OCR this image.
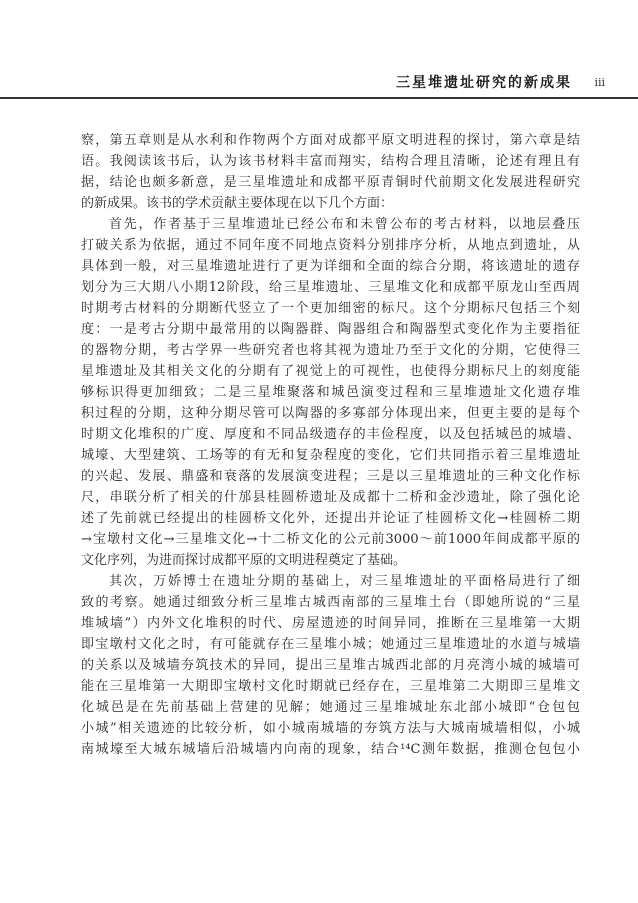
三星堆遗址研究的新成果 iii
察，第五章则是从水利和作物两个方面对成都平原文明进程的探讨，第六章是结
语。我阅读该书后，认为该书材料丰富而翔实，结构合理且清晰，论述有理且有
据，结论也颇多新意，是三星堆遗址和成都平原青铜时代前期文化发展进程研究
的新成果。该书的学术贡献主要体现在以下几个方面：
首先，作者基于三星堆遗址已经公布和未曾公布的考古材料，以地层叠压
打破关系为依据，通过不同年度不同地点资料分别排序分析，从地点到遗址，从
具体到一般，对三星堆遗址进行了更为详细和全面的综合分期，将该遗址的遗存
划分为三大期八小期12阶段，给三星堆遗址、三星堆文化和成都平原龙山至西周
时期考古材料的分期断代竖立了一个更加细密的标尺。这个分期标尺包括三个刻
度：一是考古分期中最常用的以陶器群、陶器组合和陶器型式变化作为主要指征
的器物分期，考古学界一些研究者也将其视为遗址乃至于文化的分期，它使得三
星堆遗址及其相关文化的分期有了视觉上的可视性，也使得分期标尺上的刻度能
够标识得更加细致；二是三星堆聚落和城邑演变过程和三星堆遗址文化遗存堆
积过程的分期，这种分期尽管可以陶器的多寡部分体现出来，但更主要的是每个
时期文化堆积的广度、厚度和不同品级遗存的丰俭程度，以及包括城邑的城墙、
城壕、大型建筑、工场等的有无和复杂程度的变化，它们共同指示着三星堆遗址
的兴起、发展、鼎盛和衰落的发展演变进程；三是以三星堆遗址的三种文化作标
尺，串联分析了相关的什邡县桂圆桥遗址及成都十二桥和金沙遗址，除了强化论
述了先前就已经提出的桂圆桥文化外，还提出并论证了桂圆桥文化→桂圆桥二期
→宝墩村文化→三星堆文化→十二桥文化的公元前3000～前1000年间成都平原的
文化序列，为进而探讨成都平原的文明进程奠定了基础。
其次，万娇博士在遗址分期的基础上，对三星堆遗址的平面格局进行了细
致的考察。她通过细致分析三星堆古城西南部的三星堆土台（即她所说的“三星
堆城墙”）内外文化堆积的时代、房屋遗迹的时间异同，推断在三星堆第一大期
即宝墩村文化之时，有可能就存在三星堆小城；她通过三星堆遗址的水道与城墙
的关系以及城墙夯筑技术的异同，提出三星堆古城西北部的月亮湾小城的城墙可
能在三星堆第一大期即宝墩村文化时期就已经存在，三星堆第二大期即三星堆文
化城邑是在先前基础上营建的见解；她通过三星堆城址东北部小城即“仓包包
小城”相关遗迹的比较分析，如小城南城墙的夯筑方法与大城南城墙相似，小城
南城壕至大城东城墙后沿城墙内向南的现象，结合¹⁴C测年数据，推测仓包包小
